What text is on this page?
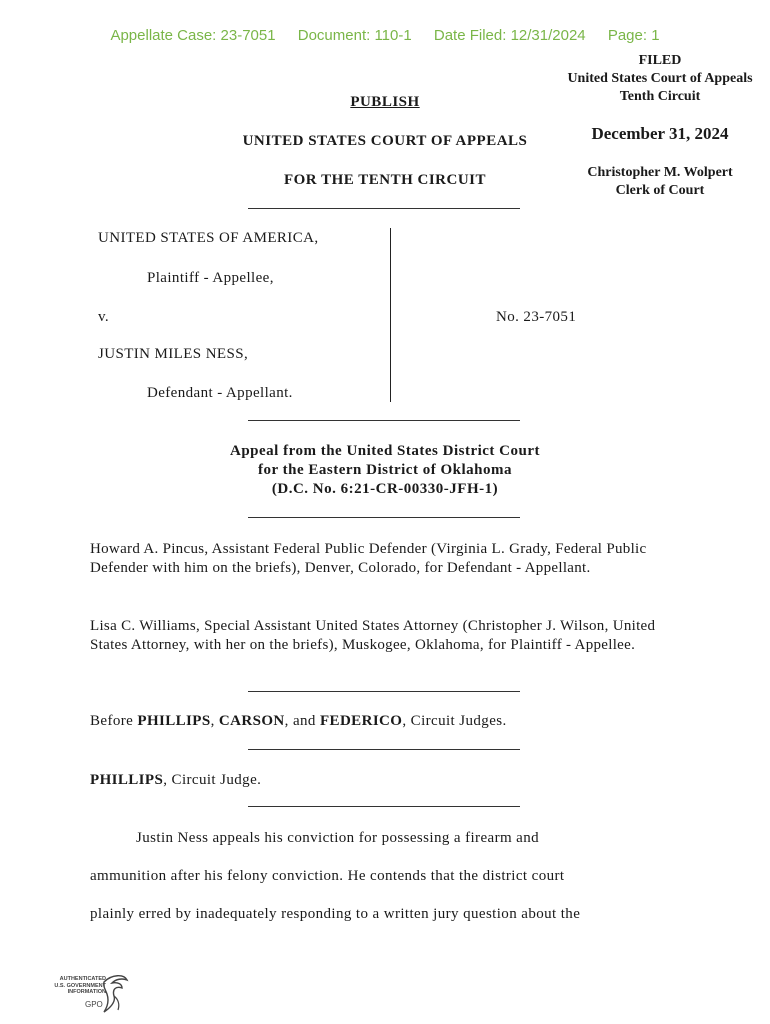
Appellate Case: 23-7051 Document: 110-1 Date Filed: 12/31/2024 Page: 1
FILED
United States Court of Appeals
Tenth Circuit
December 31, 2024
Christopher M. Wolpert
Clerk of Court
PUBLISH
UNITED STATES COURT OF APPEALS
FOR THE TENTH CIRCUIT
UNITED STATES OF AMERICA,
Plaintiff - Appellee,
v.	No. 23-7051
JUSTIN MILES NESS,
Defendant - Appellant.
Appeal from the United States District Court
for the Eastern District of Oklahoma
(D.C. No. 6:21-CR-00330-JFH-1)
Howard A. Pincus, Assistant Federal Public Defender (Virginia L. Grady, Federal Public Defender with him on the briefs), Denver, Colorado, for Defendant - Appellant.
Lisa C. Williams, Special Assistant United States Attorney (Christopher J. Wilson, United States Attorney, with her on the briefs), Muskogee, Oklahoma, for Plaintiff - Appellee.
Before PHILLIPS, CARSON, and FEDERICO, Circuit Judges.
PHILLIPS, Circuit Judge.
Justin Ness appeals his conviction for possessing a firearm and
ammunition after his felony conviction. He contends that the district court
plainly erred by inadequately responding to a written jury question about the
AUTHENTICATED
U.S. GOVERNMENT
INFORMATION
GPO
